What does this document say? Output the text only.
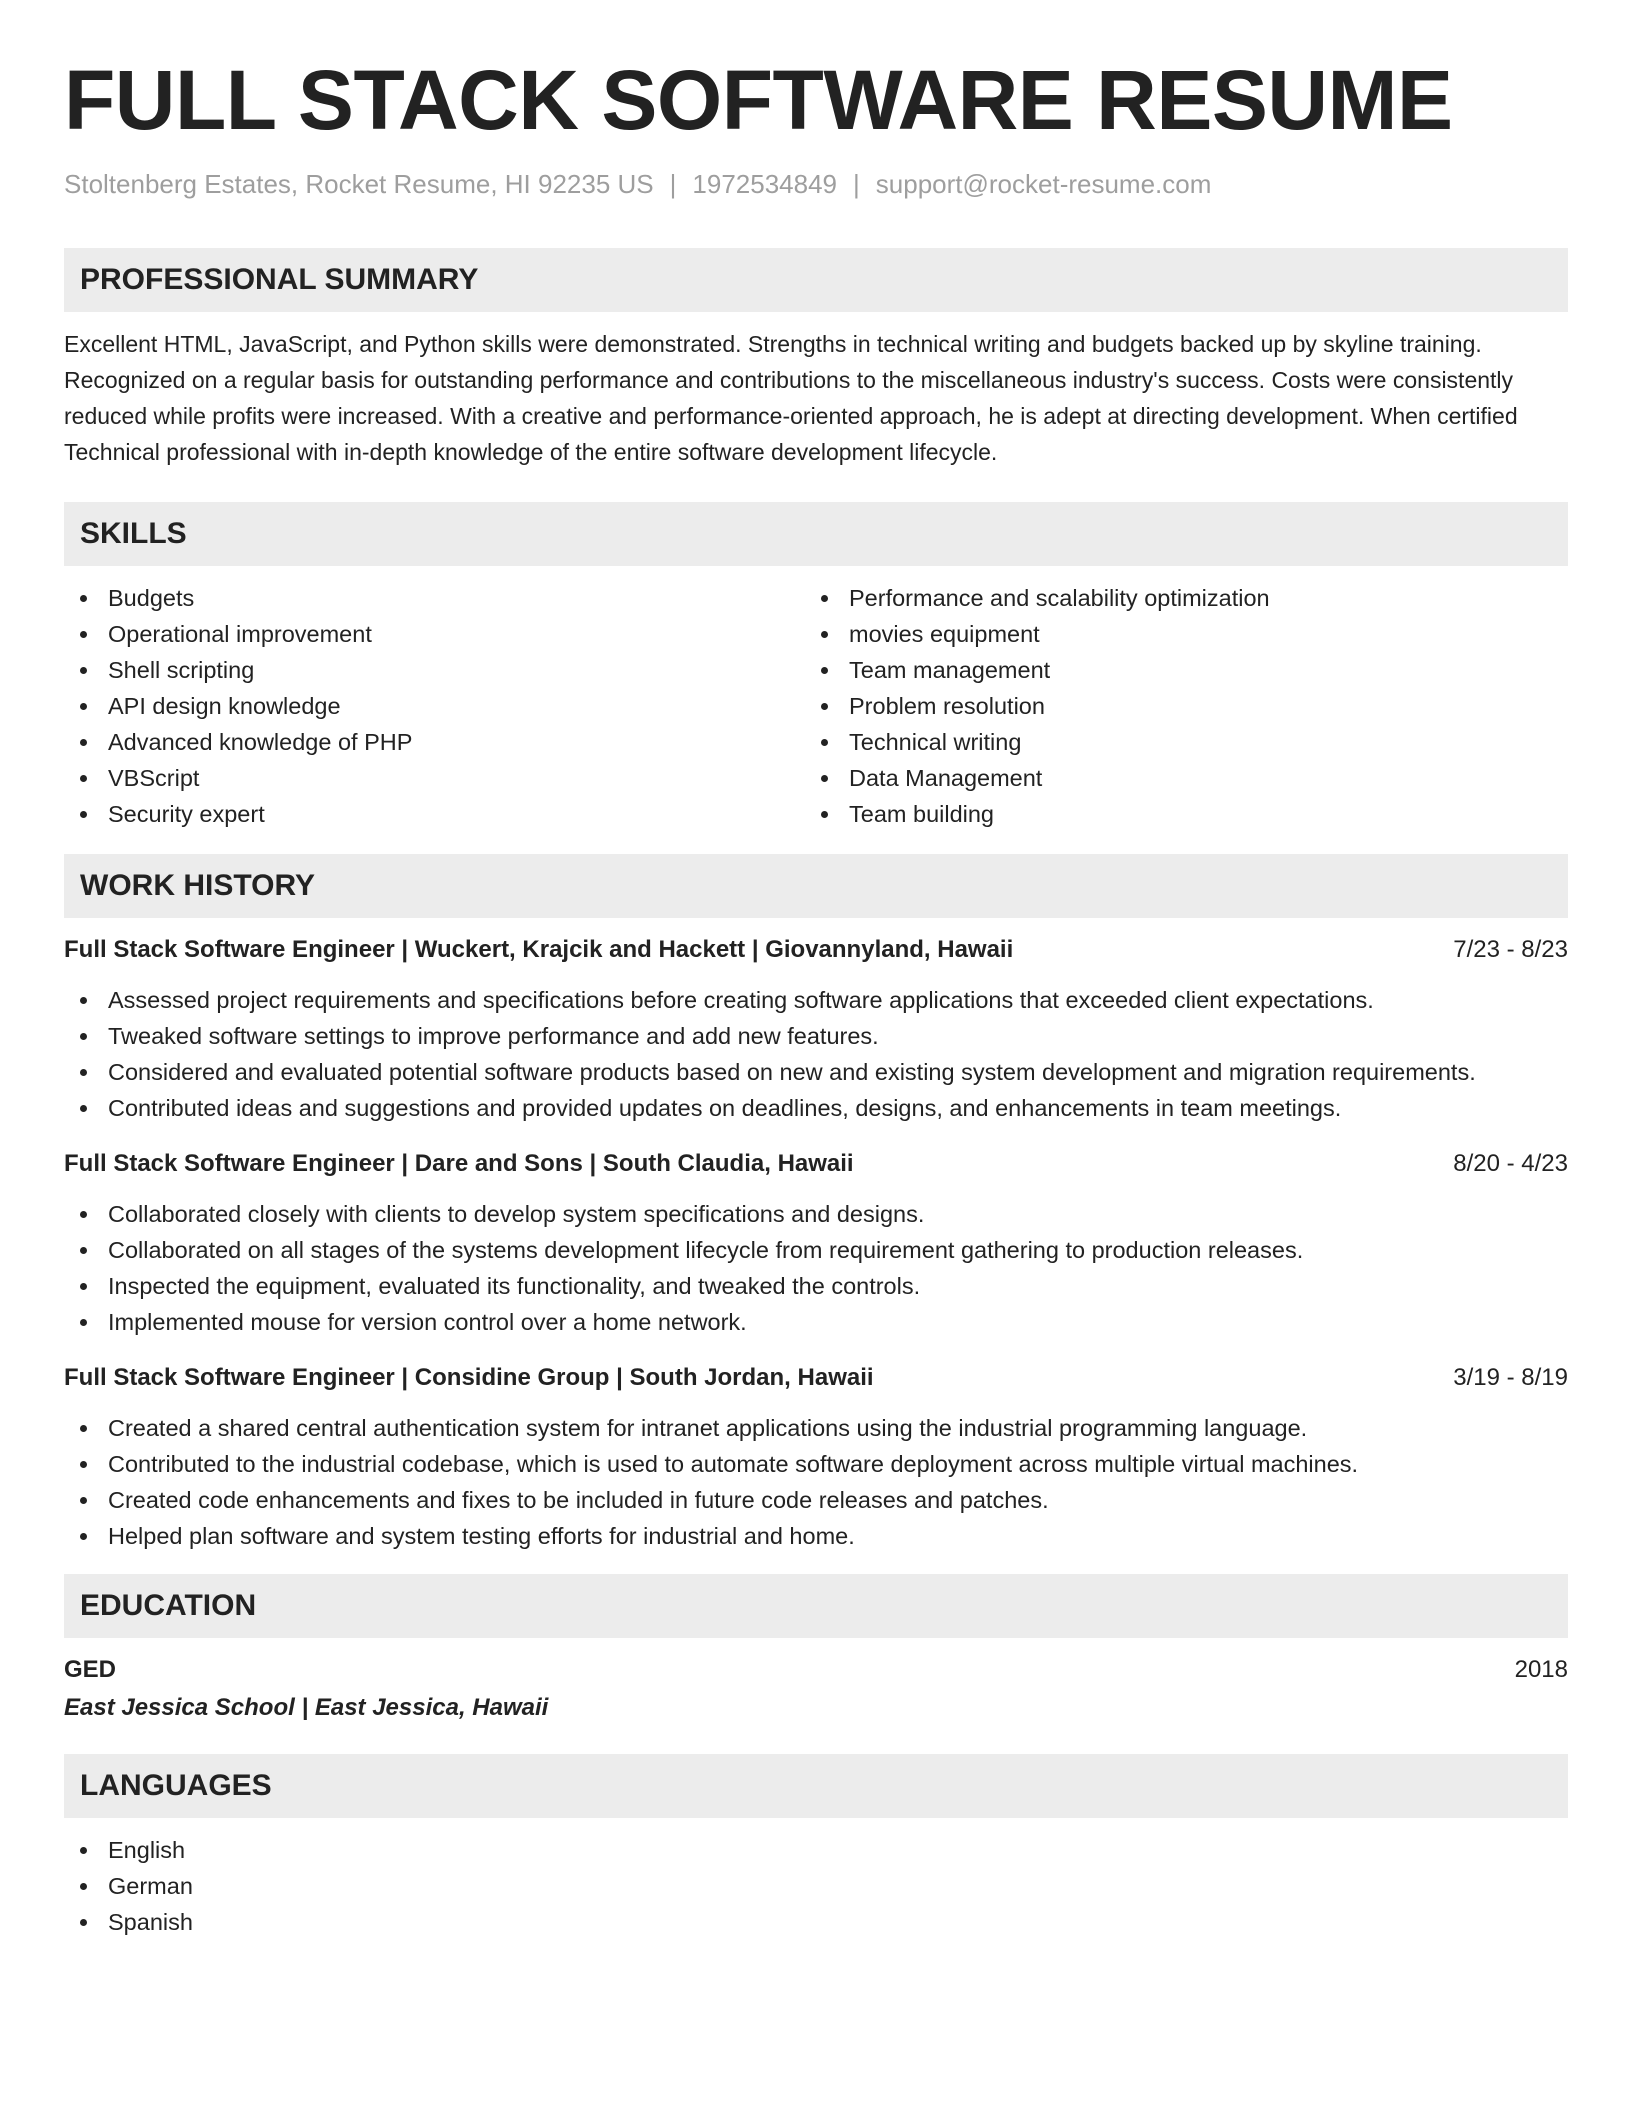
FULL STACK SOFTWARE RESUME
Stoltenberg Estates, Rocket Resume, HI 92235 US | 1972534849 | support@rocket-resume.com
PROFESSIONAL SUMMARY

Excellent HTML, JavaScript, and Python skills were demonstrated. Strengths in technical writing and budgets backed up by skyline training. Recognized on a regular basis for outstanding performance and contributions to the miscellaneous industry's success. Costs were consistently reduced while profits were increased. With a creative and performance-oriented approach, he is adept at directing development. When certified Technical professional with in-depth knowledge of the entire software development lifecycle.

SKILLS
Budgets
Operational improvement
Shell scripting
API design knowledge
Advanced knowledge of PHP
VBScript
Security expert
Performance and scalability optimization
movies equipment
Team management
Problem resolution
Technical writing
Data Management
Team building
WORK HISTORY
Full Stack Software Engineer | Wuckert, Krajcik and Hackett | Giovannyland, Hawaii	7/23 - 8/23
Assessed project requirements and specifications before creating software applications that exceeded client expectations.
Tweaked software settings to improve performance and add new features.
Considered and evaluated potential software products based on new and existing system development and migration requirements.
Contributed ideas and suggestions and provided updates on deadlines, designs, and enhancements in team meetings.
Full Stack Software Engineer | Dare and Sons | South Claudia, Hawaii	8/20 - 4/23
Collaborated closely with clients to develop system specifications and designs.
Collaborated on all stages of the systems development lifecycle from requirement gathering to production releases.
Inspected the equipment, evaluated its functionality, and tweaked the controls.
Implemented mouse for version control over a home network.
Full Stack Software Engineer | Considine Group | South Jordan, Hawaii	3/19 - 8/19
Created a shared central authentication system for intranet applications using the industrial programming language.
Contributed to the industrial codebase, which is used to automate software deployment across multiple virtual machines.
Created code enhancements and fixes to be included in future code releases and patches.
Helped plan software and system testing efforts for industrial and home.
EDUCATION
GED	2018
East Jessica School | East Jessica, Hawaii
LANGUAGES
English
German
Spanish
